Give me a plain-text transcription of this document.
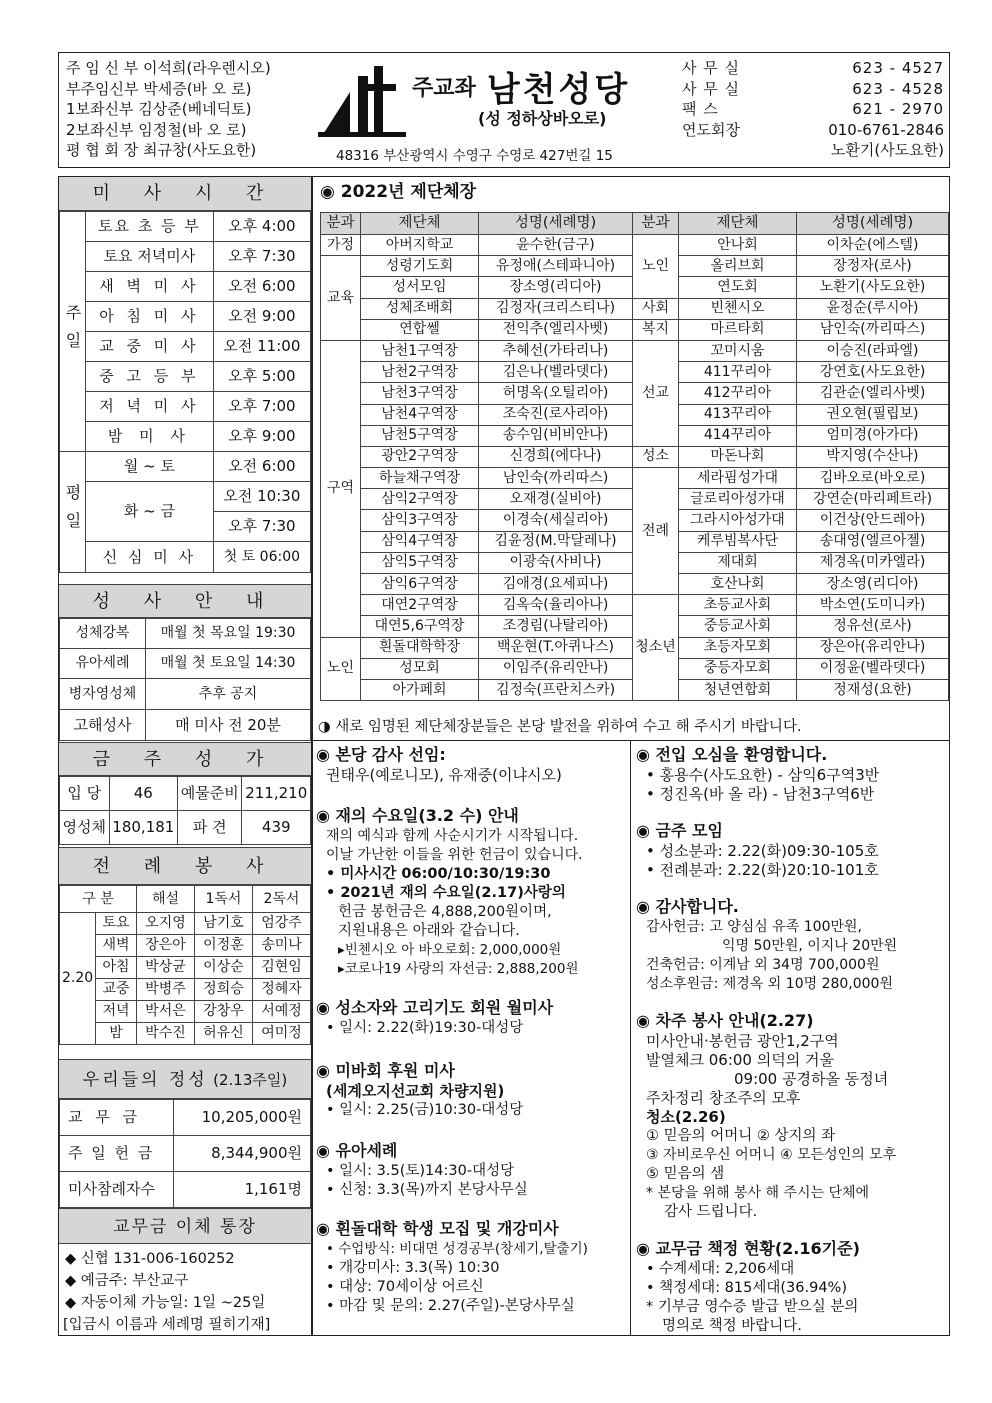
주 임 신 부 이석희(라우렌시오)
부주임신부 박세증(바 오 로)
1보좌신부 김상준(베네딕토)
2보좌신부 임정철(바 오 로)
평 협 회 장 최규창(사도요한)
주교좌 남천성당
(성 정하상바오로)
48316 부산광역시 수영구 수영로 427번길 15
사 무 실	623 - 4527
사 무 실	623 - 4528
팩 스	621 - 2970
연도회장	010-6761-2846
노환기(사도요한)
미 사 시 간
주일	토요 초 등 부	오후 4:00
	토요 저녁미사	오후 7:30
	새 벽 미 사	오전 6:00
	아 침 미 사	오전 9:00
	교 중 미 사	오전 11:00
	중 고 등 부	오후 5:00
	저 녁 미 사	오후 7:00
	밤 미 사	오후 9:00
평일	월 ~ 토	오전 6:00
	화 ~ 금	오전 10:30
		오후 7:30
	신 심 미 사	첫 토 06:00
성 사 안 내
성체강복	매월 첫 목요일 19:30
유아세례	매월 첫 토요일 14:30
병자영성체	추후 공지
고해성사	매 미사 전 20분
금 주 성 가
입 당	46	예물준비	211,210
영성체	180,181	파 견	439
전 례 봉 사
구 분		해설	1독서	2독서
2.20	토요	오지영	남기호	엄강주
	새벽	장은아	이정훈	송미나
	아침	박상균	이상순	김현임
	교중	박병주	정희승	정혜자
	저녁	박서은	강창우	서예정
	밤	박수진	허유신	여미정
우리들의 정성 (2.13주일)
교 무 금	10,205,000원
주 일 헌 금	8,344,900원
미사참례자수	1,161명
교무금 이체 통장
◆ 신협 131-006-160252
◆ 예금주: 부산교구
◆ 자동이체 가능일: 1일 ~25일
[입금시 이름과 세례명 필히기재]
◉ 2022년 제단체장
분과	제단체	성명(세례명)	분과	제단체	성명(세례명)
가정	아버지학교	윤수한(금구)	노인	안나회	이차순(에스텔)
교육	성령기도회	유정애(스테파니아)		올리브회	장정자(로사)
	성서모임	장소영(리디아)		연도회	노환기(사도요한)
	성체조배회	김정자(크리스티나)	사회	빈첸시오	윤정순(루시아)
	연합쎌	전익추(엘리사벳)	복지	마르타회	남인숙(까리따스)
구역	남천1구역장	추혜선(가타리나)	선교	꼬미시움	이승진(라파엘)
	남천2구역장	김은나(벨라뎃다)		411꾸리아	강연호(사도요한)
	남천3구역장	허명옥(오틸리아)		412꾸리아	김관순(엘리사벳)
	남천4구역장	조숙진(로사리아)		413꾸리아	권오현(필립보)
	남천5구역장	송수임(비비안나)		414꾸리아	엄미경(아가다)
	광안2구역장	신경희(에다나)	성소	마돈나회	박지영(수산나)
	하늘채구역장	남인숙(까리따스)	전례	세라핌성가대	김바오로(바오로)
	삼익2구역장	오재경(실비아)		글로리아성가대	강연순(마리페트라)
	삼익3구역장	이경숙(세실리아)		그라시아성가대	이건상(안드레아)
	삼익4구역장	김윤정(M.막달레나)		케루빔복사단	송대영(엘르아젤)
	삼익5구역장	이광숙(사비나)		제대회	제경옥(미카엘라)
	삼익6구역장	김애경(요세피나)		호산나회	장소영(리디아)
	대연2구역장	김옥숙(율리아나)	청소년	초등교사회	박소연(도미니카)
	대연5,6구역장	조경림(나탈리아)		중등교사회	정유선(로사)
노인	흰돌대학학장	백운현(T.아퀴나스)		초등자모회	장은아(유리안나)
	성모회	이임주(유리안나)		중등자모회	이정윤(벨라뎃다)
	아가페회	김정숙(프란치스카)		청년연합회	정재성(요한)
◑ 새로 임명된 제단체장분들은 본당 발전을 위하여 수고 해 주시기 바랍니다.
◉ 본당 감사 선임:
권태우(예로니모), 유재중(이냐시오)
◉ 재의 수요일(3.2 수) 안내
재의 예식과 함께 사순시기가 시작됩니다.
이날 가난한 이들을 위한 헌금이 있습니다.
• 미사시간 06:00/10:30/19:30
• 2021년 재의 수요일(2.17)사랑의
헌금 봉헌금은 4,888,200원이며,
지원내용은 아래와 같습니다.
▸빈첸시오 아 바오로회: 2,000,000원
▸코로나19 사랑의 자선금: 2,888,200원
◉ 성소자와 고리기도 회원 월미사
• 일시: 2.22(화)19:30-대성당
◉ 미바회 후원 미사
(세계오지선교회 차량지원)
• 일시: 2.25(금)10:30-대성당
◉ 유아세례
• 일시: 3.5(토)14:30-대성당
• 신청: 3.3(목)까지 본당사무실
◉ 흰돌대학 학생 모집 및 개강미사
• 수업방식: 비대면 성경공부(창세기,탈출기)
• 개강미사: 3.3(목) 10:30
• 대상: 70세이상 어르신
• 마감 및 문의: 2.27(주일)-본당사무실
◉ 전입 오심을 환영합니다.
• 홍용수(사도요한) - 삼익6구역3반
• 정진옥(바 올 라) - 남천3구역6반
◉ 금주 모임
• 성소분과: 2.22(화)09:30-105호
• 전례분과: 2.22(화)20:10-101호
◉ 감사합니다.
감사헌금: 고 양심심 유족 100만원,
익명 50만원, 이지나 20만원
건축헌금: 이계남 외 34명 700,000원
성소후원금: 제경옥 외 10명 280,000원
◉ 차주 봉사 안내(2.27)
미사안내·봉헌금 광안1,2구역
발열체크 06:00 의덕의 거울
09:00 공경하올 동정녀
주차정리 창조주의 모후
청소(2.26)
① 믿음의 어머니 ② 상지의 좌
③ 자비로우신 어머니 ④ 모든성인의 모후
⑤ 믿음의 샘
* 본당을 위해 봉사 해 주시는 단체에
감사 드립니다.
◉ 교무금 책정 현황(2.16기준)
• 수계세대: 2,206세대
• 책정세대: 815세대(36.94%)
* 기부금 영수증 발급 받으실 분의
명의로 책정 바랍니다.
